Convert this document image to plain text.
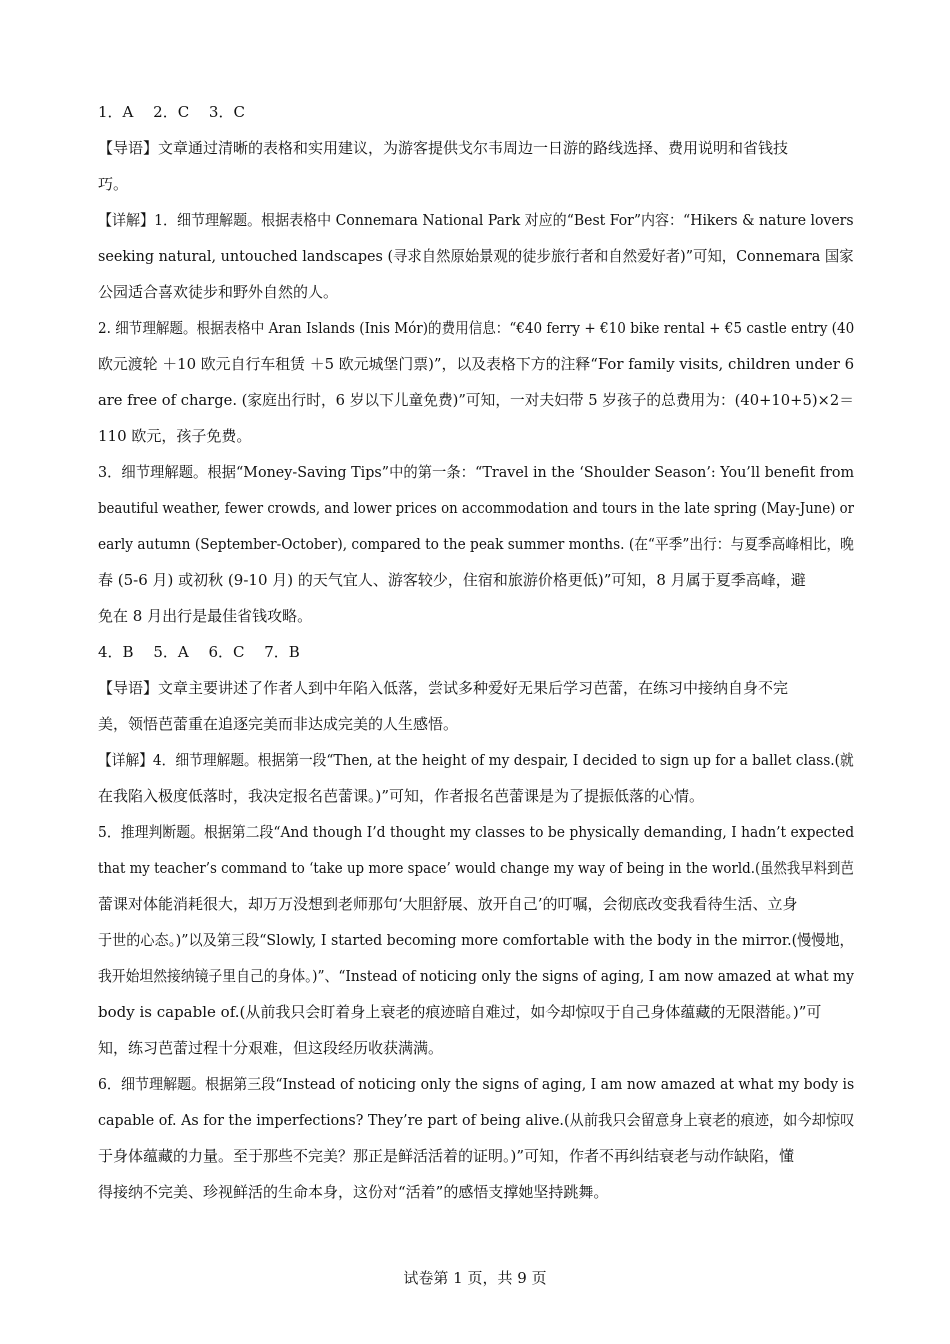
1．A　 2．C　 3．C
【导语】文章通过清晰的表格和实用建议，为游客提供戈尔韦周边一日游的路线选择、费用说明和省钱技
巧。
【详解】1．细节理解题。根据表格中 Connemara National Park 对应的“Best For”内容：“Hikers & nature lovers
seeking natural, untouched landscapes (寻求自然原始景观的徒步旅行者和自然爱好者)”可知，Connemara 国家
公园适合喜欢徒步和野外自然的人。
2. 细节理解题。根据表格中 Aran Islands (Inis Mór)的费用信息：“€40 ferry + €10 bike rental + €5 castle entry (40
欧元渡轮 ＋10 欧元自行车租赁 ＋5 欧元城堡门票)”，以及表格下方的注释“For family visits, children under 6
are free of charge. (家庭出行时，6 岁以下儿童免费)”可知，一对夫妇带 5 岁孩子的总费用为：(40+10+5)×2＝
110 欧元，孩子免费。
3．细节理解题。根据“Money-Saving Tips”中的第一条：“Travel in the ‘Shoulder Season’: You’ll benefit from
beautiful weather, fewer crowds, and lower prices on accommodation and tours in the late spring (May-June) or
early autumn (September-October), compared to the peak summer months. (在“平季”出行：与夏季高峰相比，晚
春 (5-6 月) 或初秋 (9-10 月) 的天气宜人、游客较少，住宿和旅游价格更低)”可知，8 月属于夏季高峰，避
免在 8 月出行是最佳省钱攻略。
4．B　 5．A　 6．C　 7．B
【导语】文章主要讲述了作者人到中年陷入低落，尝试多种爱好无果后学习芭蕾，在练习中接纳自身不完
美，领悟芭蕾重在追逐完美而非达成完美的人生感悟。
【详解】4．细节理解题。根据第一段“Then, at the height of my despair, I decided to sign up for a ballet class.(就
在我陷入极度低落时，我决定报名芭蕾课。)”可知，作者报名芭蕾课是为了提振低落的心情。
5．推理判断题。根据第二段“And though I’d thought my classes to be physically demanding, I hadn’t expected
that my teacher’s command to ‘take up more space’ would change my way of being in the world.(虽然我早料到芭
蕾课对体能消耗很大，却万万没想到老师那句‘大胆舒展、放开自己’的叮嘱，会彻底改变我看待生活、立身
于世的心态。)”以及第三段“Slowly, I started becoming more comfortable with the body in the mirror.(慢慢地，
我开始坦然接纳镜子里自己的身体。)”、“Instead of noticing only the signs of aging, I am now amazed at what my
body is capable of.(从前我只会盯着身上衰老的痕迹暗自难过，如今却惊叹于自己身体蕴藏的无限潜能。)”可
知，练习芭蕾过程十分艰难，但这段经历收获满满。
6．细节理解题。根据第三段“Instead of noticing only the signs of aging, I am now amazed at what my body is
capable of. As for the imperfections? They’re part of being alive.(从前我只会留意身上衰老的痕迹，如今却惊叹
于身体蕴藏的力量。至于那些不完美？那正是鲜活活着的证明。)”可知，作者不再纠结衰老与动作缺陷，懂
得接纳不完美、珍视鲜活的生命本身，这份对“活着”的感悟支撑她坚持跳舞。
试卷第 1 页，共 9 页
